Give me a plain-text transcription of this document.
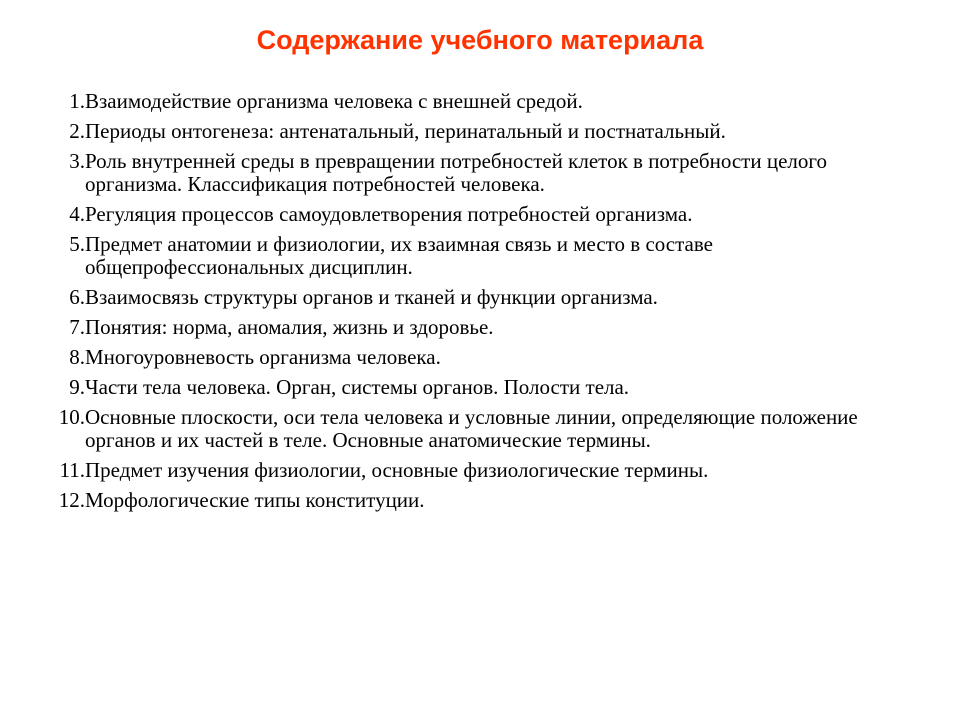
Содержание учебного материала
1. Взаимодействие организма человека с внешней средой.
2. Периоды онтогенеза: антенатальный, перинатальный и постнатальный.
3. Роль внутренней среды в превращении потребностей клеток в потребности целого организма. Классификация потребностей человека.
4. Регуляция процессов самоудовлетворения потребностей организма.
5. Предмет анатомии и физиологии, их взаимная связь и место в составе общепрофессиональных дисциплин.
6. Взаимосвязь структуры органов и тканей и функции организма.
7. Понятия: норма, аномалия, жизнь и здоровье.
8. Многоуровневость организма человека.
9. Части тела человека. Орган, системы органов. Полости тела.
10. Основные плоскости, оси тела человека и условные линии, определяющие положение органов и их частей в теле. Основные анатомические термины.
11. Предмет изучения физиологии, основные физиологические термины.
12. Морфологические типы конституции.
